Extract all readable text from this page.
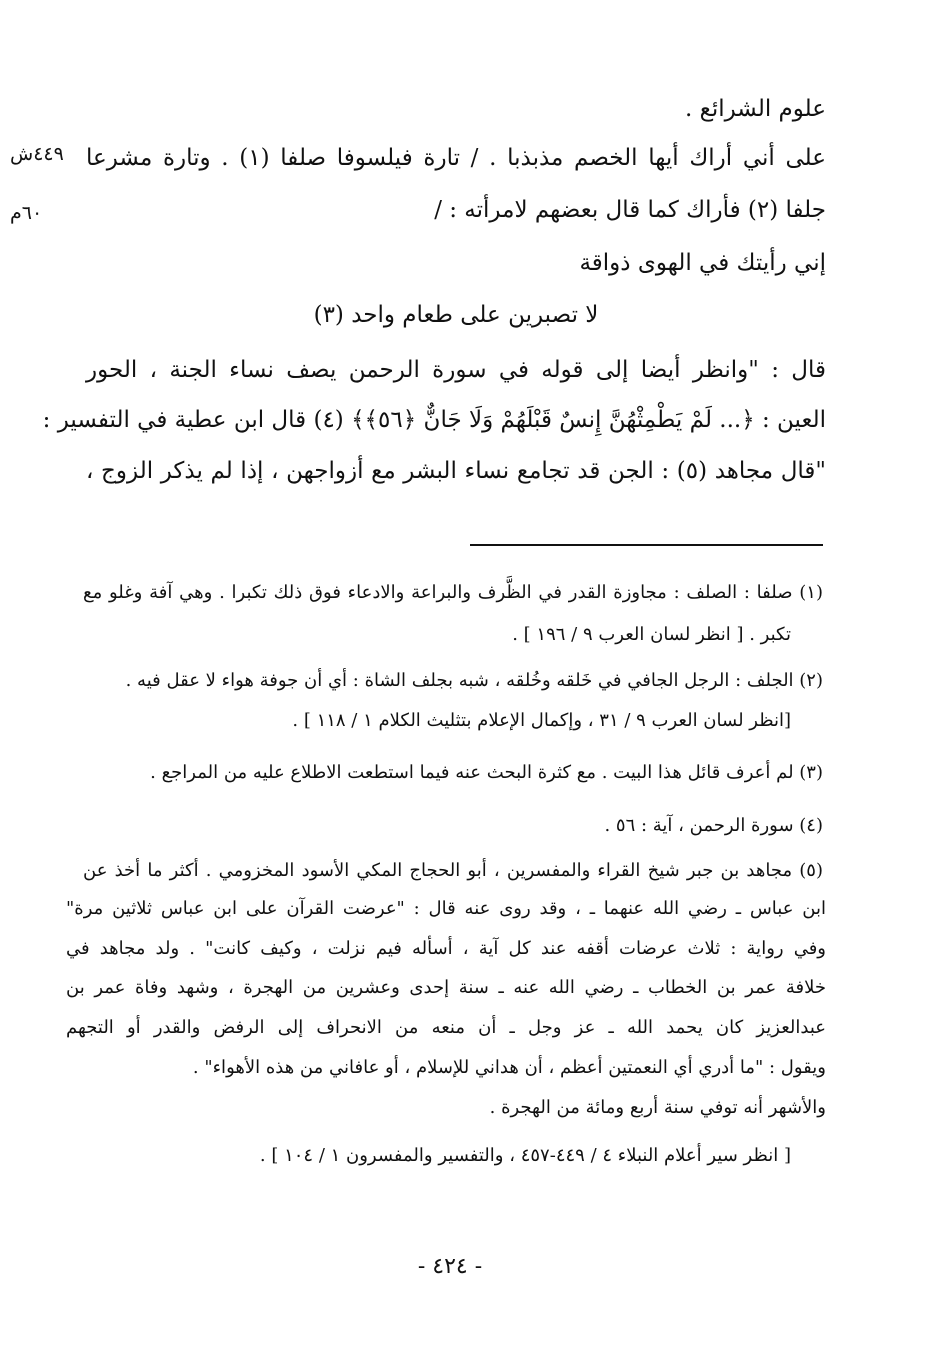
٤٤٩ش
٦٠م
علوم الشرائع .
على أني أراك أيها الخصم مذبذبا . / تارة فيلسوفا صلفا (١) . وتارة مشرعا
جلفا (٢) فأراك كما قال بعضهم لامرأته : /
إني رأيتك في الهوى ذواقة
لا تصبرين على طعام واحد (٣)
قال : "وانظر أيضا إلى قوله في سورة الرحمن يصف نساء الجنة ، الحور
العين : ﴿... لَمْ يَطْمِثْهُنَّ إِنسٌ قَبْلَهُمْ وَلَا جَانٌّ ﴿٥٦﴾﴾ (٤) قال ابن عطية في التفسير :
"قال مجاهد (٥) : الجن قد تجامع نساء البشر مع أزواجهن ، إذا لم يذكر الزوج ،
(١) صلفا : الصلف : مجاوزة القدر في الظَّرف والبراعة والادعاء فوق ذلك تكبرا . وهي آفة وغلو مع
تكبر . [ انظر لسان العرب ٩ / ١٩٦ ] .
(٢) الجلف : الرجل الجافي في خَلقه وخُلقه ، شبه بجلف الشاة : أي أن جوفة هواء لا عقل فيه .
[انظر لسان العرب ٩ / ٣١ ، وإكمال الإعلام بتثليث الكلام ١ / ١١٨ ] .
(٣) لم أعرف قائل هذا البيت . مع كثرة البحث عنه فيما استطعت الاطلاع عليه من المراجع .
(٤) سورة الرحمن ، آية : ٥٦ .
(٥) مجاهد بن جبر شيخ القراء والمفسرين ، أبو الحجاج المكي الأسود المخزومي . أكثر ما أخذ عن
ابن عباس ـ رضي الله عنهما ـ ، وقد روى عنه قال : "عرضت القرآن على ابن عباس ثلاثين مرة"
وفي رواية : ثلاث عرضات أقفه عند كل آية ، أسأله فيم نزلت ، وكيف كانت" . ولد مجاهد في
خلافة عمر بن الخطاب ـ رضي الله عنه ـ سنة إحدى وعشرين من الهجرة ، وشهد وفاة عمر بن
عبدالعزيز كان يحمد الله ـ عز وجل ـ أن منعه من الانحراف إلى الرفض والقدر أو التجهم
ويقول : "ما أدري أي النعمتين أعظم ، أن هداني للإسلام ، أو عافاني من هذه الأهواء" .
والأشهر أنه توفي سنة أربع ومائة من الهجرة .
[ انظر سير أعلام النبلاء ٤ / ٤٤٩-٤٥٧ ، والتفسير والمفسرون ١ / ١٠٤ ] .
- ٤٢٤ -
